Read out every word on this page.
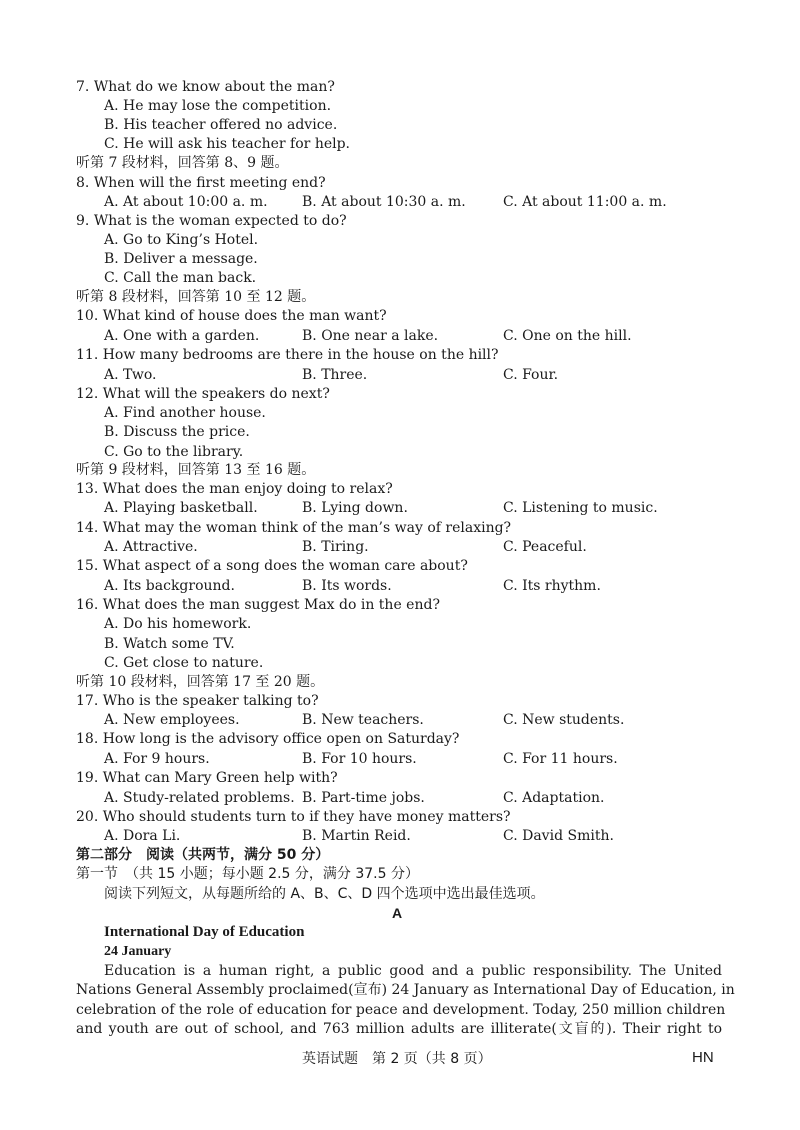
7. What do we know about the man?
A. He may lose the competition.
B. His teacher offered no advice.
C. He will ask his teacher for help.
听第 7 段材料，回答第 8、9 题。
8. When will the first meeting end?
A. At about 10:00 a. m. B. At about 10:30 a. m.	C. At about 11:00 a. m.
9. What is the woman expected to do?
A. Go to King’s Hotel.
B. Deliver a message.
C. Call the man back.
听第 8 段材料，回答第 10 至 12 题。
10. What kind of house does the man want?
A. One with a garden.	B. One near a lake.	C. One on the hill.
11. How many bedrooms are there in the house on the hill?
A. Two.	B. Three.	C. Four.
12. What will the speakers do next?
A. Find another house.
B. Discuss the price.
C. Go to the library.
听第 9 段材料，回答第 13 至 16 题。
13. What does the man enjoy doing to relax?
A. Playing basketball.	B. Lying down.	C. Listening to music.
14. What may the woman think of the man’s way of relaxing?
A. Attractive.	B. Tiring.	C. Peaceful.
15. What aspect of a song does the woman care about?
A. Its background.	B. Its words.	C. Its rhythm.
16. What does the man suggest Max do in the end?
A. Do his homework.
B. Watch some TV.
C. Get close to nature.
听第 10 段材料，回答第 17 至 20 题。
17. Who is the speaker talking to?
A. New employees.	B. New teachers.	C. New students.
18. How long is the advisory office open on Saturday?
A. For 9 hours.	B. For 10 hours.	C. For 11 hours.
19. What can Mary Green help with?
A. Study-related problems. B. Part-time jobs.	C. Adaptation.
20. Who should students turn to if they have money matters?
A. Dora Li.	B. Martin Reid.	C. David Smith.
第二部分　阅读（共两节，满分 50 分）
第一节　（共 15 小题；每小题 2.5 分，满分 37.5 分）
阅读下列短文，从每题所给的 A、B、C、D 四个选项中选出最佳选项。
A
International Day of Education
24 January
Education is a human right, a public good and a public responsibility. The United
Nations General Assembly proclaimed(宣布) 24 January as International Day of Education, in
celebration of the role of education for peace and development. Today, 250 million children
and youth are out of school, and 763 million adults are illiterate(文盲的). Their right to
英语试题　第 2 页（共 8 页）	HN
